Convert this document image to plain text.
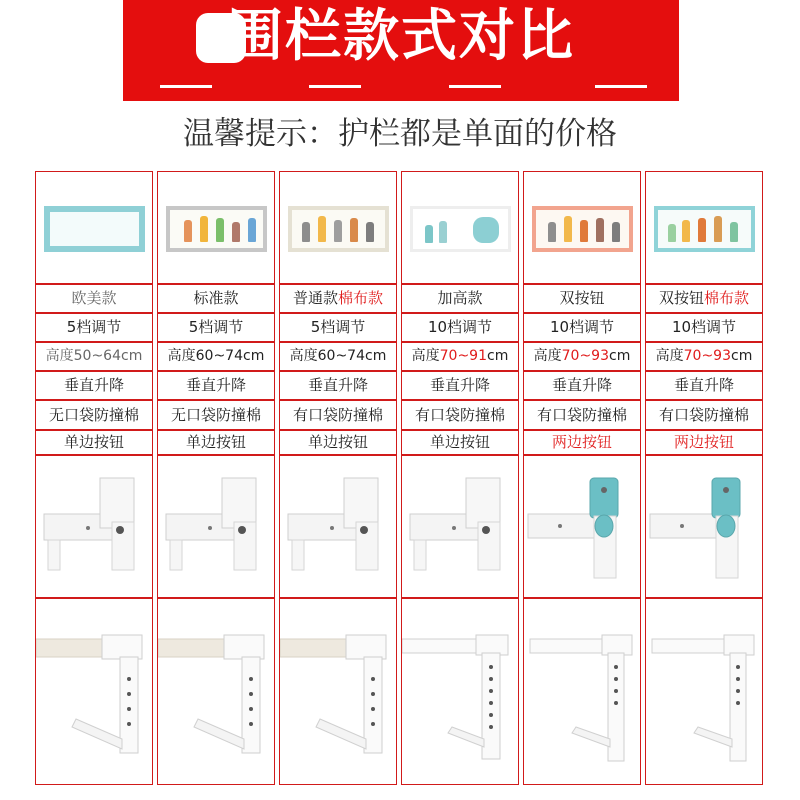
围栏款式对比
温馨提示：护栏都是单面的价格
欧美款
5档调节
高度50~64cm
垂直升降
无口袋防撞棉
单边按钮
标准款
5档调节
高度60~74cm
垂直升降
无口袋防撞棉
单边按钮
普通款棉布款
5档调节
高度60~74cm
垂直升降
有口袋防撞棉
单边按钮
加高款
10档调节
高度70~91cm
垂直升降
有口袋防撞棉
单边按钮
双按钮
10档调节
高度70~93cm
垂直升降
有口袋防撞棉
两边按钮
双按钮棉布款
10档调节
高度70~93cm
垂直升降
有口袋防撞棉
两边按钮
